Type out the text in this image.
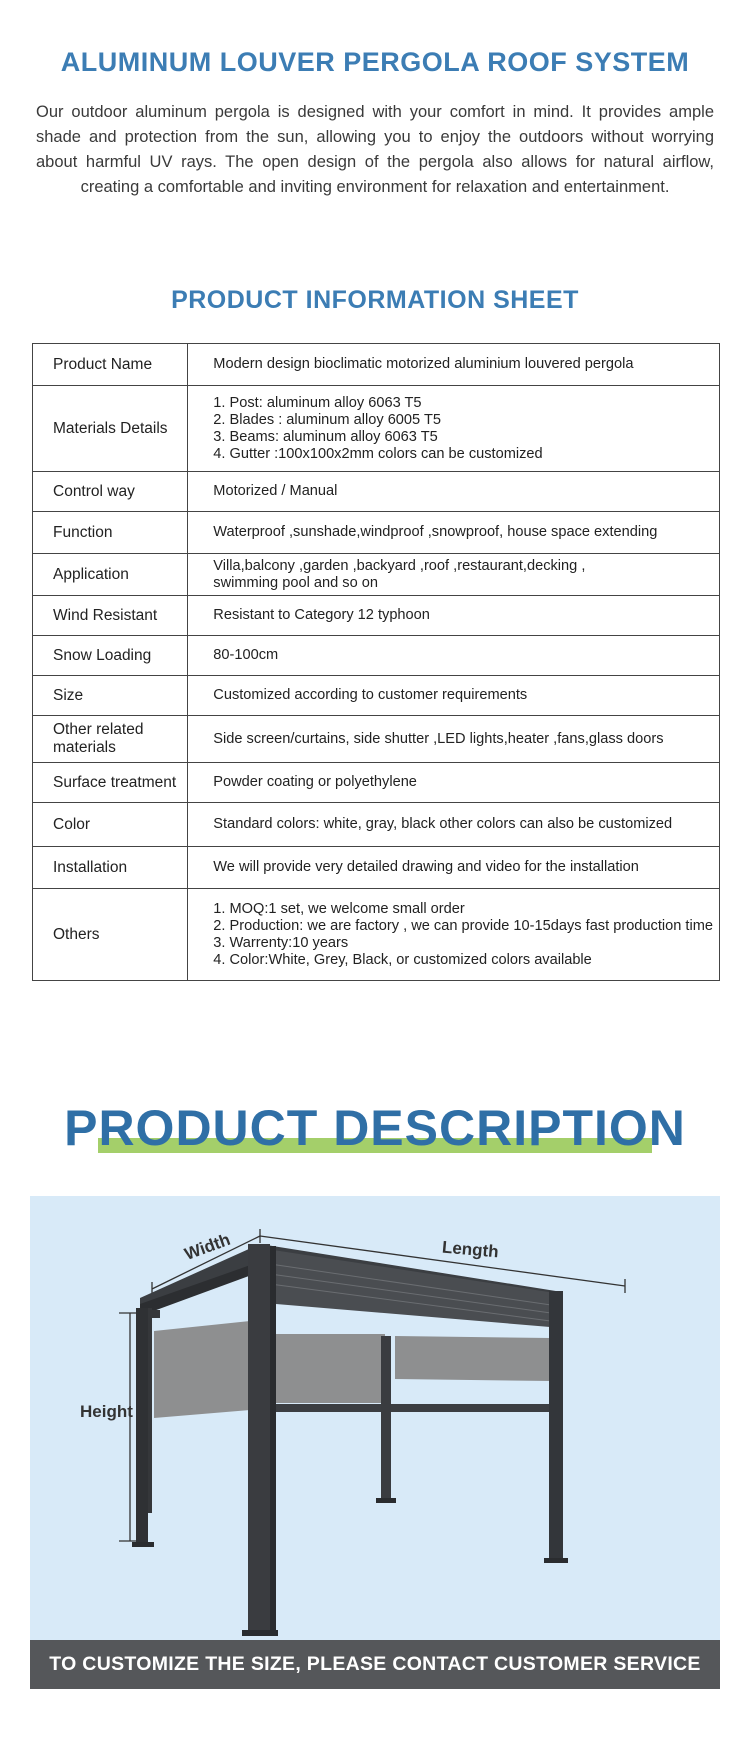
ALUMINUM LOUVER PERGOLA ROOF SYSTEM
Our outdoor aluminum pergola is designed with your comfort in mind. It provides ample shade and protection from the sun, allowing you to enjoy the outdoors without worrying about harmful UV rays. The open design of the pergola also allows for natural airflow, creating a comfortable and inviting environment for relaxation and entertainment.
PRODUCT INFORMATION SHEET
Product Name	Modern design bioclimatic motorized aluminium louvered pergola

Materials Details	1. Post: aluminum alloy 6063 T5
2. Blades : aluminum alloy 6005 T5
3. Beams: aluminum alloy 6063 T5
4. Gutter :100x100x2mm colors can be customized

Control way	Motorized / Manual

Function	Waterproof ,sunshade,windproof ,snowproof, house space extending

Application	Villa,balcony ,garden ,backyard ,roof ,restaurant,decking ,
swimming pool and so on

Wind Resistant	Resistant to Category 12 typhoon

Snow Loading	80-100cm

Size	Customized according to customer requirements

Other related materials	Side screen/curtains, side shutter ,LED lights,heater ,fans,glass doors

Surface treatment	Powder coating or polyethylene

Color	Standard colors: white, gray, black other colors can also be customized

Installation	We will provide very detailed drawing and video for the installation

Others	1. MOQ:1 set, we welcome small order
2. Production: we are factory , we can provide 10-15days fast production time
3. Warrenty:10 years
4. Color:White, Grey, Black, or customized colors available
PRODUCT DESCRIPTION
Height
Width	Length
TO CUSTOMIZE THE SIZE, PLEASE CONTACT CUSTOMER SERVICE
